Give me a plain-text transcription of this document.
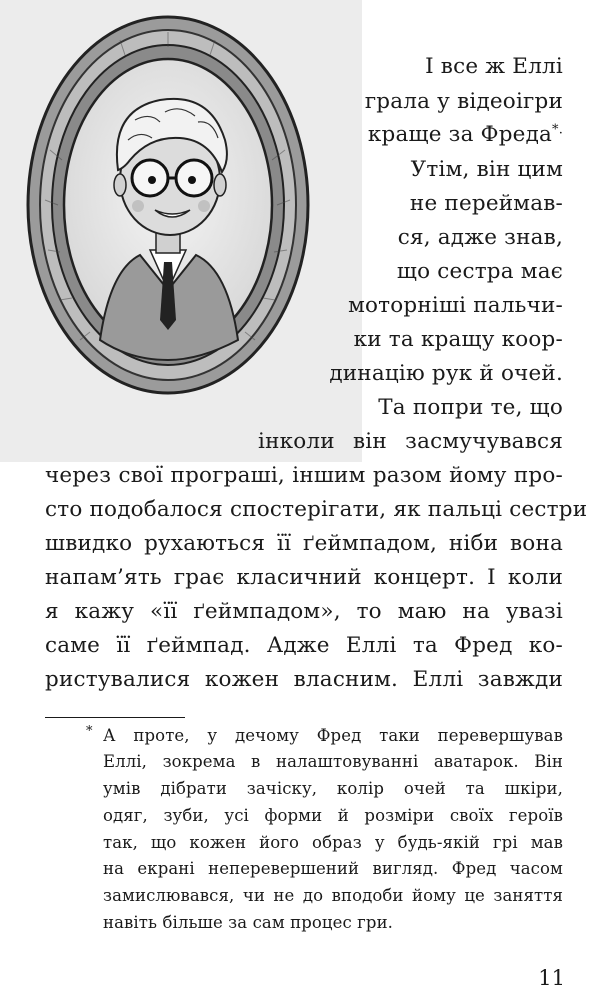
І все ж Еллі
грала у відеоігри
краще за Фреда*.
Утім, він цим
не переймав-
ся, адже знав,
що сестра має
моторніші пальчи-
ки та кращу коор-
динацію рук й очей.
Та попри те, що
інколи він засмучувався
через свої програші, іншим разом йому про-
сто подобалося спостерігати, як пальці сестри
швидко рухаються її ґеймпадом, ніби вона
напам’ять грає класичний концерт. І коли
я кажу «її ґеймпадом», то маю на увазі
саме її ґеймпад. Адже Еллі та Фред ко-
ристувалися кожен власним. Еллі завжди
* А проте, у дечому Фред таки перевершував
Еллі, зокрема в налаштовуванні аватарок. Він
умів дібрати зачіску, колір очей та шкіри,
одяг, зуби, усі форми й розміри своїх героїв
так, що кожен його образ у будь-якій грі мав
на екрані неперевершений вигляд. Фред часом
замислювався, чи не до вподоби йому це заняття
навіть більше за сам процес гри.
11
